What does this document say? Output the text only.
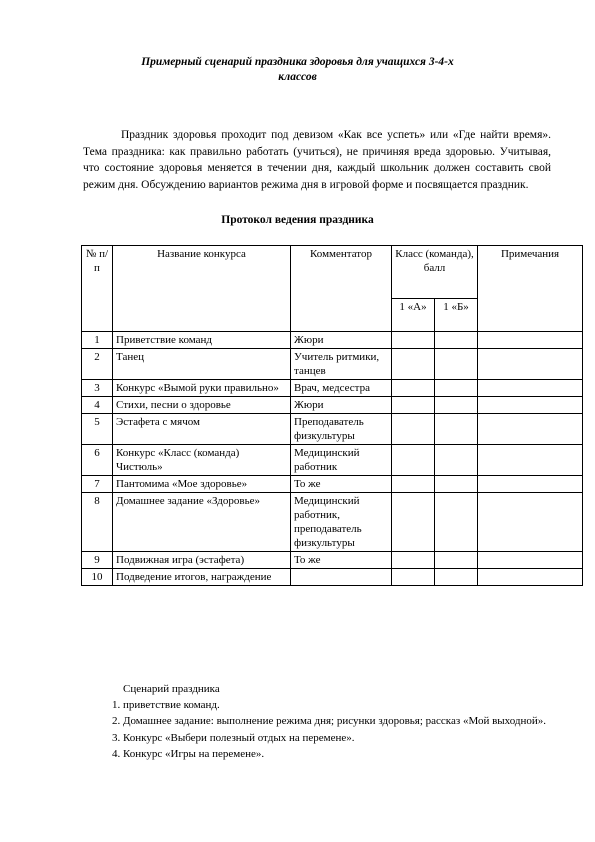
Примерный сценарий праздника здоровья для учащихся 3-4-х
классов

Праздник здоровья проходит под девизом «Как все успеть» или «Где найти время». Тема праздника: как правильно работать (учиться), не причиняя вреда здоровью. Учитывая, что состояние здоровья меняется в течении дня, каждый школьник должен составить свой режим дня. Обсуждению вариантов режима дня в игровой форме и посвящается праздник.

Протокол ведения праздника
№ п/п	Название конкурса	Комментатор	Класс (команда), балл		Примечания
			1 «А»	1 «Б»	
1	Приветствие команд	Жюри			
2	Танец	Учитель ритмики, танцев			
3	Конкурс «Вымой руки правильно»	Врач, медсестра			
4	Стихи, песни о здоровье	Жюри			
5	Эстафета с мячом	Преподаватель физкультуры			
6	Конкурс «Класс (команда) Чистюль»	Медицинский работник			
7	Пантомима «Мое здоровье»	То же			
8	Домашнее задание «Здоровье»	Медицинский работник, преподаватель физкультуры			
9	Подвижная игра (эстафета)	То же			
10	Подведение итогов, награждение				
Сценарий праздника
1. приветствие команд.
2. Домашнее задание: выполнение режима дня; рисунки здоровья; рассказ «Мой выходной».
3. Конкурс «Выбери полезный отдых на перемене».
4. Конкурс «Игры на перемене».
